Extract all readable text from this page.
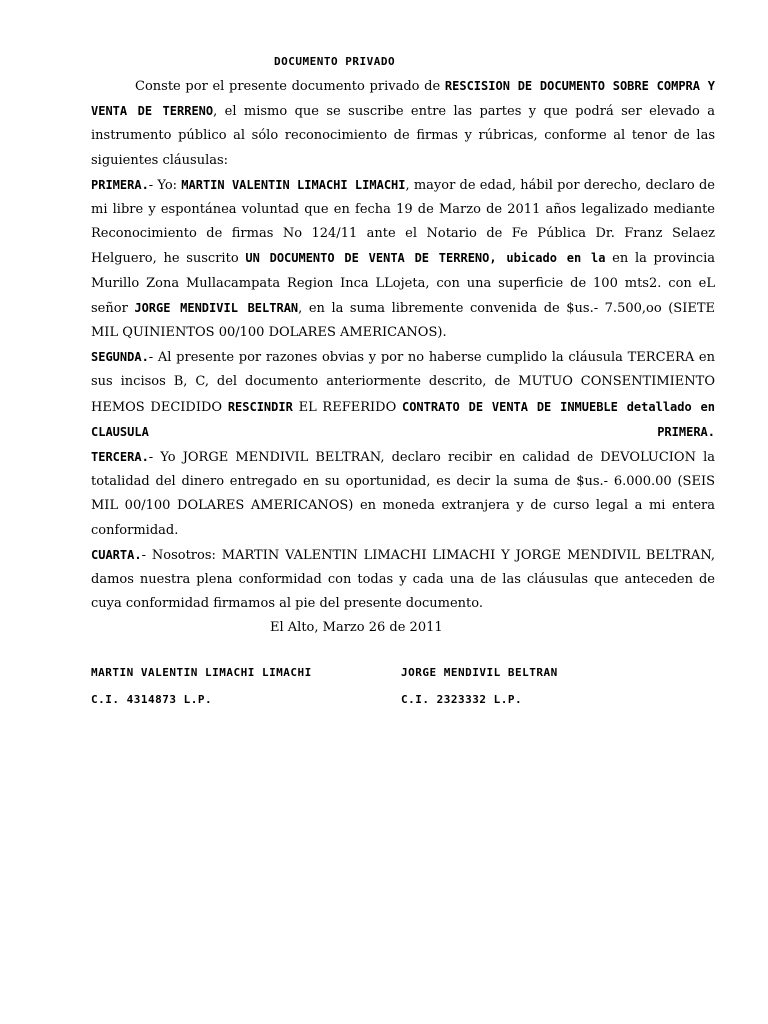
DOCUMENTO PRIVADO

Conste por el presente documento privado de RESCISION DE DOCUMENTO SOBRE COMPRA Y VENTA DE TERRENO, el mismo que se suscribe entre las partes y que podrá ser elevado a instrumento público al sólo reconocimiento de firmas y rúbricas, conforme al tenor de las siguientes cláusulas:

PRIMERA.- Yo: MARTIN VALENTIN LIMACHI LIMACHI, mayor de edad, hábil por derecho, declaro de mi libre y espontánea voluntad que en fecha 19 de Marzo de 2011 años legalizado mediante Reconocimiento de firmas No 124/11 ante el Notario de Fe Pública Dr. Franz Selaez Helguero, he suscrito UN DOCUMENTO DE VENTA DE TERRENO, ubicado en la en la provincia Murillo Zona Mullacampata Region Inca LLojeta, con una superficie de 100 mts2. con eL señor JORGE MENDIVIL BELTRAN, en la suma libremente convenida de $us.- 7.500,oo (SIETE MIL QUINIENTOS 00/100 DOLARES AMERICANOS).

SEGUNDA.- Al presente por razones obvias y por no haberse cumplido la cláusula TERCERA en sus incisos B, C, del documento anteriormente descrito, de MUTUO CONSENTIMIENTO HEMOS DECIDIDO RESCINDIR EL REFERIDO CONTRATO DE VENTA DE INMUEBLE detallado en CLAUSULA PRIMERA.

TERCERA.- Yo JORGE MENDIVIL BELTRAN, declaro recibir en calidad de DEVOLUCION la totalidad del dinero entregado en su oportunidad, es decir la suma de $us.- 6.000.00 (SEIS MIL 00/100 DOLARES AMERICANOS) en moneda extranjera y de curso legal a mi entera conformidad.

CUARTA.- Nosotros: MARTIN VALENTIN LIMACHI LIMACHI Y JORGE MENDIVIL BELTRAN, damos nuestra plena conformidad con todas y cada una de las cláusulas que anteceden de cuya conformidad firmamos al pie del presente documento.

El Alto, Marzo 26 de 2011
MARTIN VALENTIN LIMACHI LIMACHI	JORGE MENDIVIL BELTRAN
C.I. 4314873 L.P.	C.I. 2323332 L.P.
